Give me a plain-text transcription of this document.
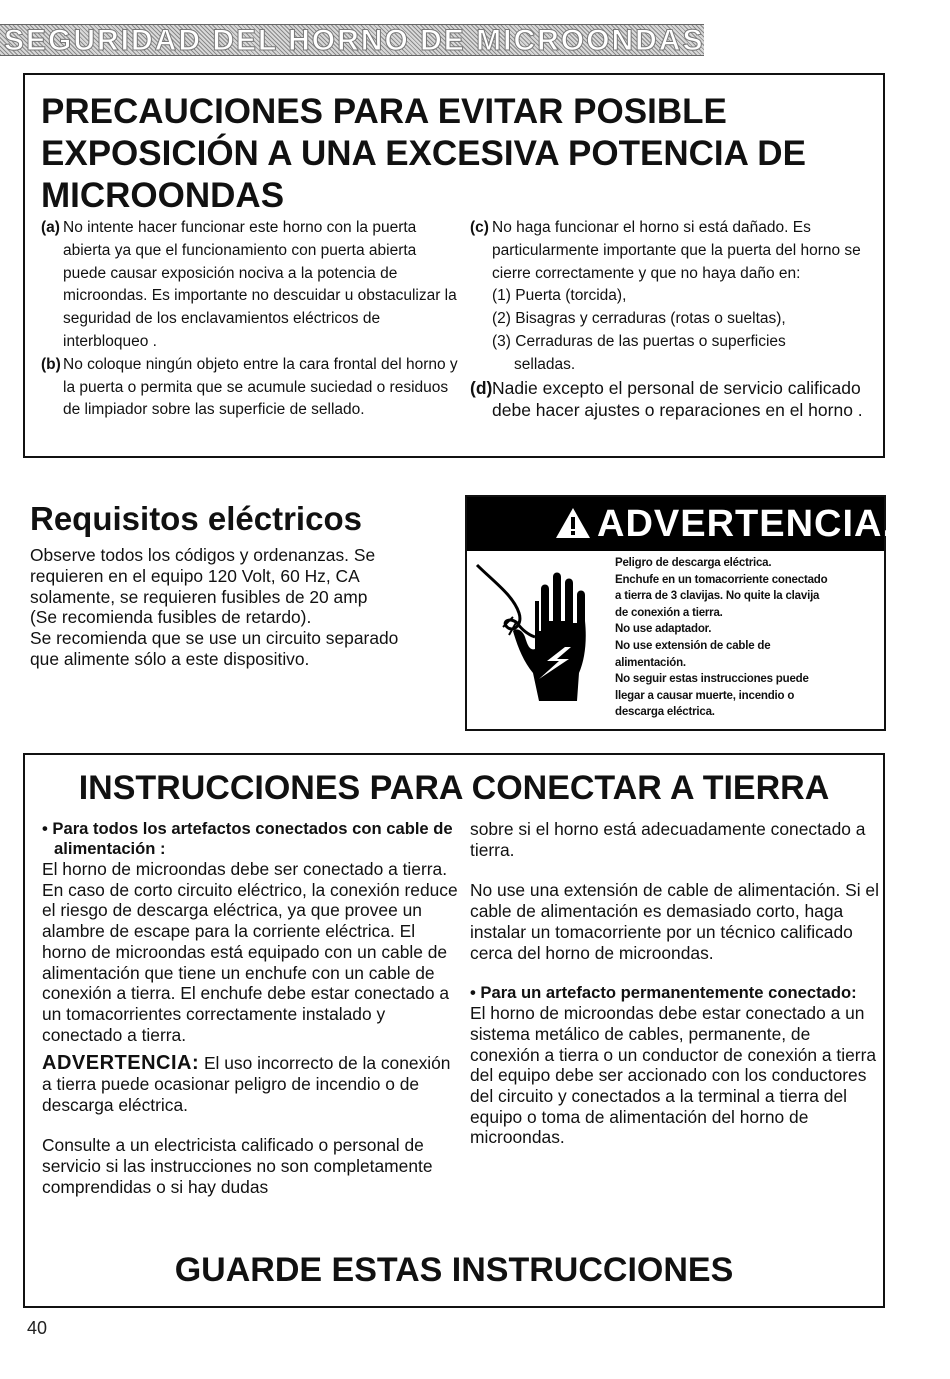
SEGURIDAD DEL HORNO DE MICROONDAS
PRECAUCIONES PARA EVITAR POSIBLE EXPOSICIÓN A UNA EXCESIVA POTENCIA DE MICROONDAS
(a) No intente hacer funcionar este horno con la puerta abierta ya que el funcionamiento con puerta abierta puede causar exposición nociva a la potencia de microondas. Es importante no descuidar u obstaculizar la seguridad de los enclavamientos eléctricos de interbloqueo .
(b) No coloque ningún objeto entre la cara frontal del horno y la puerta o permita que se acumule suciedad o residuos de limpiador sobre las superficie de sellado.
(c) No haga funcionar el horno si está dañado. Es particularmente importante que la puerta del horno se cierre correctamente y que no haya daño en:
(1) Puerta (torcida),
(2) Bisagras y cerraduras (rotas o sueltas),
(3) Cerraduras de las puertas o superficies
selladas.
(d) Nadie excepto el personal de servicio calificado debe hacer ajustes o reparaciones en el horno .
Requisitos eléctricos
Observe todos los códigos y ordenanzas. Se
requieren en el equipo 120 Volt, 60 Hz, CA
solamente, se requieren fusibles de 20 amp
(Se recomienda fusibles de retardo).
Se recomienda que se use un circuito separado
que alimente sólo a este dispositivo.
ADVERTENCIA.
Peligro de descarga eléctrica.
Enchufe en un tomacorriente conectado
a tierra de 3 clavijas. No quite la clavija
de conexión a tierra.
No use adaptador.
No use extensión de cable de
alimentación.
No seguir estas instrucciones puede
llegar a causar muerte, incendio o
descarga eléctrica.
INSTRUCCIONES PARA CONECTAR A TIERRA
• Para todos los artefactos conectados con cable de alimentación :
El horno de microondas debe ser conectado a tierra. En caso de corto circuito eléctrico, la conexión reduce el riesgo de descarga eléctrica, ya que provee un alambre de escape para la corriente eléctrica. El horno de microondas está equipado con un cable de alimentación que tiene un enchufe con un cable de conexión a tierra. El enchufe debe estar conectado a un tomacorrientes correctamente instalado y conectado a tierra.
ADVERTENCIA: El uso incorrecto de la conexión a tierra puede ocasionar peligro de incendio o de descarga eléctrica.
Consulte a un electricista calificado o personal de servicio si las instrucciones no son completamente comprendidas o si hay dudas
sobre si el horno está adecuadamente conectado a tierra.
No use una extensión de cable de alimentación. Si el cable de alimentación es demasiado corto, haga instalar un tomacorriente por un técnico calificado cerca del horno de microondas.
• Para un artefacto permanentemente conectado:
El horno de microondas debe estar conectado a un sistema metálico de cables, permanente, de conexión a tierra o un conductor de conexión a tierra del equipo debe ser accionado con los conductores del circuito y conectados a la terminal a tierra del equipo o toma de alimentación del horno de microondas.
GUARDE ESTAS INSTRUCCIONES
40
